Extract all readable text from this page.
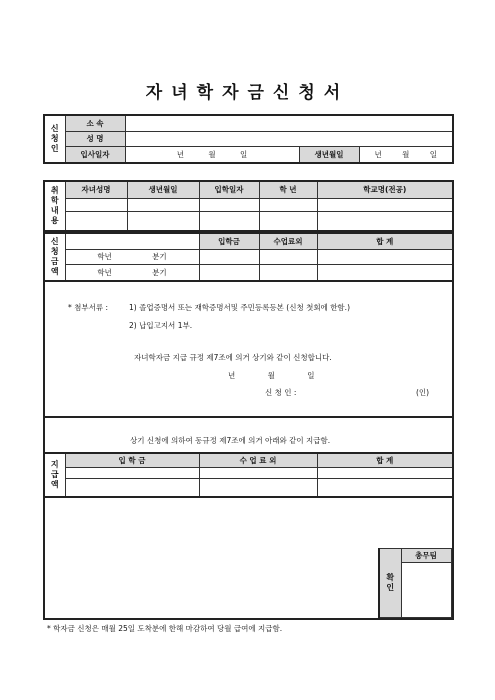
자녀학자금신청서
신청인	소 속			
	성 명			
	입사일자	년 월 일	생년월일	년 월 일
취학내용	자녀성명	생년월일	입학일자	학 년	학교명(전공)

신청금액		입학금	수업료외	합 계
	학년 분기			
	학년 분기			
* 첨부서류 :	1) 졸업증명서 또는 재학증명서및 주민등록등본 (신청 첫회에 한함.)
2) 납입고지서 1부.
자녀학자금 지급 규정 제7조에 의거 상기와 같이 신청합니다.
년 월 일
신 청 인 :	(인)
상기 신청에 의하여 동규정 제7조에 의거 아래와 같이 지급함.
지급액	입 학 금	수 업 료 외	합 계

확인	총무팀

* 학자금 신청은 매월 25일 도착분에 한해 마감하여 당월 급여에 지급함.
